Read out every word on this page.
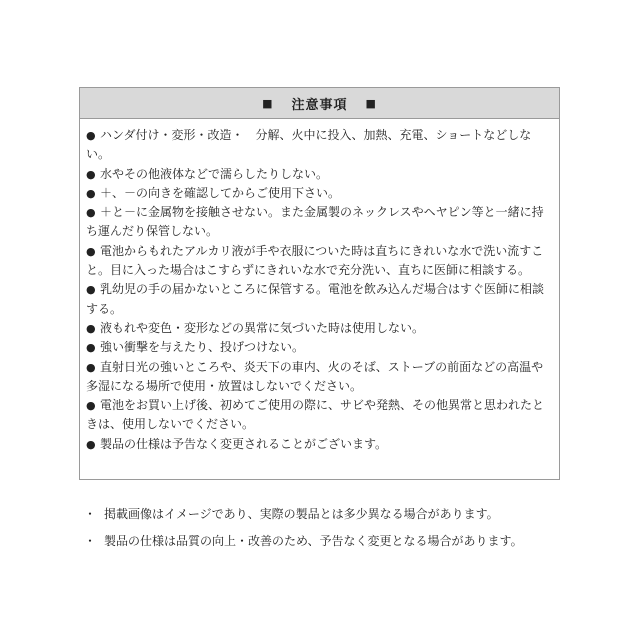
■ 注意事項 ■

● ハンダ付け・変形・改造・　分解、火中に投入、加熱、充電、ショートなどしない。

● 水やその他液体などで濡らしたりしない。

● ＋、－の向きを確認してからご使用下さい。

● ＋と－に金属物を接触させない。また金属製のネックレスやヘヤピン等と一緒に持ち運んだり保管しない。

● 電池からもれたアルカリ液が手や衣服についた時は直ちにきれいな水で洗い流すこと。目に入った場合はこすらずにきれいな水で充分洗い、直ちに医師に相談する。

● 乳幼児の手の届かないところに保管する。電池を飲み込んだ場合はすぐ医師に相談する。

● 液もれや変色・変形などの異常に気づいた時は使用しない。

● 強い衝撃を与えたり、投げつけない。

● 直射日光の強いところや、炎天下の車内、火のそば、ストーブの前面などの高温や多湿になる場所で使用・放置はしないでください。

● 電池をお買い上げ後、初めてご使用の際に、サビや発熱、その他異常と思われたときは、使用しないでください。

● 製品の仕様は予告なく変更されることがございます。

・ 掲載画像はイメージであり、実際の製品とは多少異なる場合があります。
・ 製品の仕様は品質の向上・改善のため、予告なく変更となる場合があります。
